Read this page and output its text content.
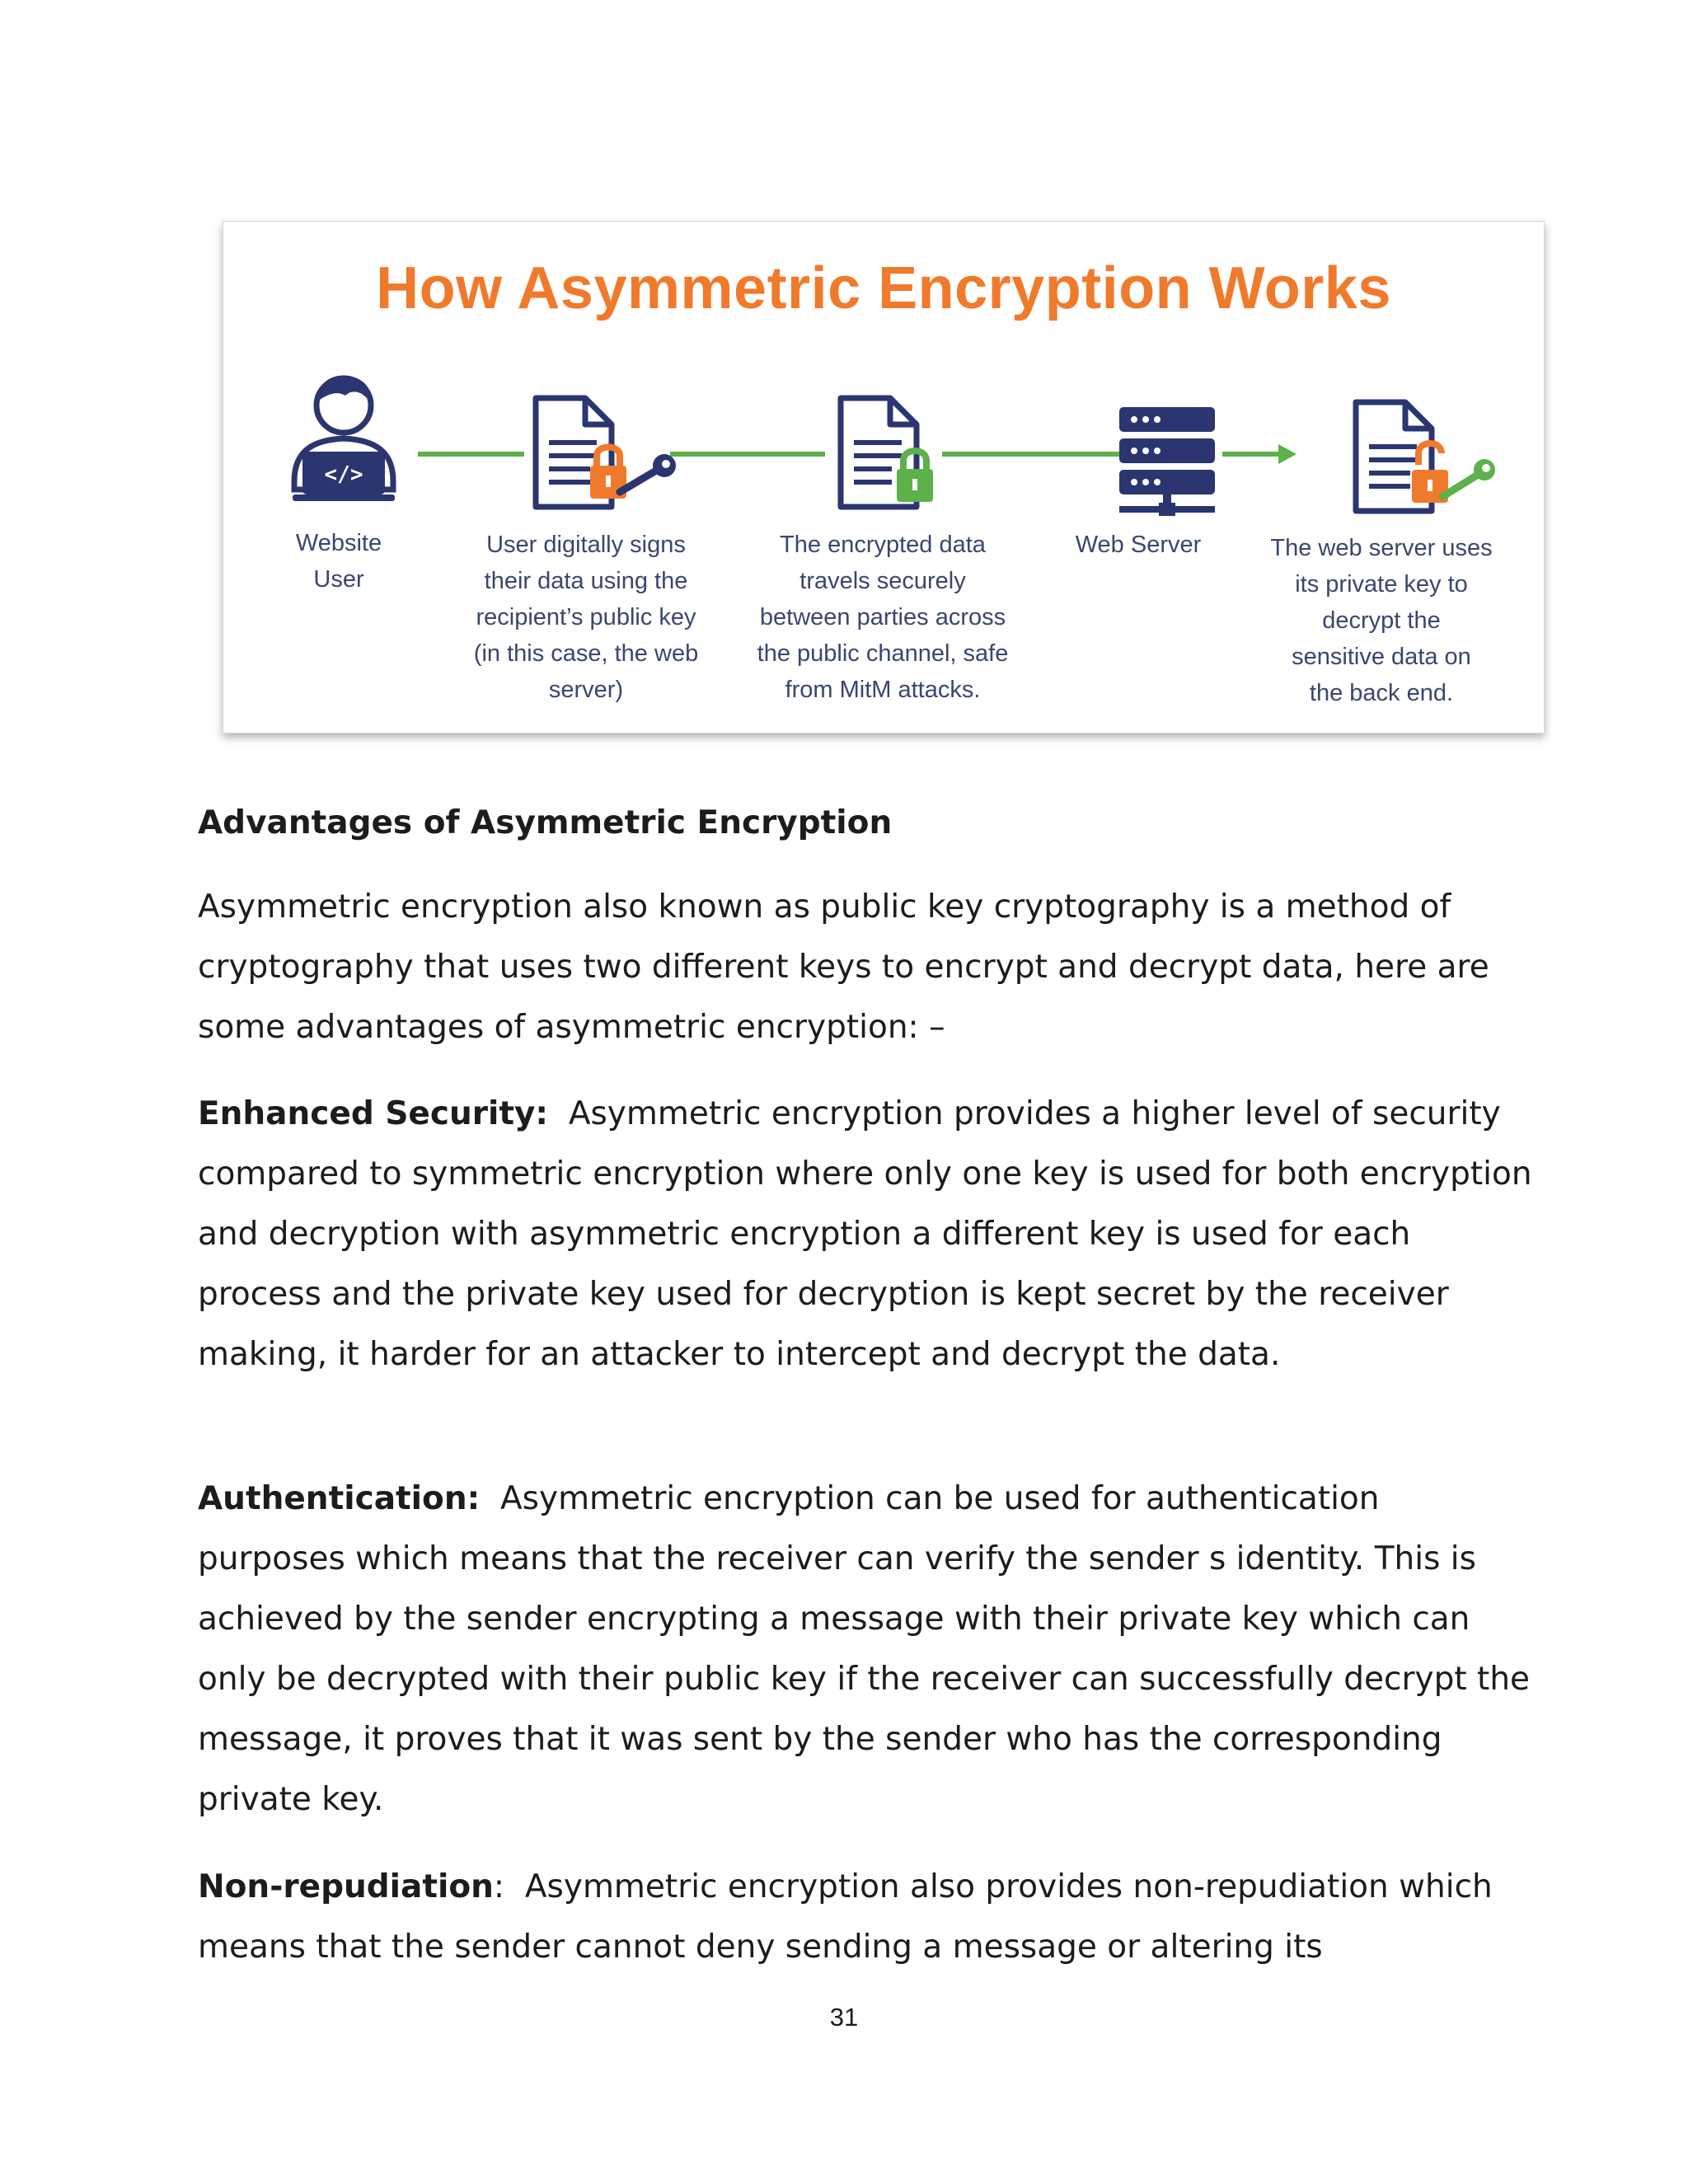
How Asymmetric Encryption Works
</>
Website
User
User digitally signs
their data using the
recipient’s public key
(in this case, the web
server)
The encrypted data
travels securely
between parties across
the public channel, safe
from MitM attacks.
Web Server	The web server uses
its private key to
decrypt the
sensitive data on
the back end.
Advantages of Asymmetric Encryption

Asymmetric encryption also known as public key cryptography is a method of cryptography that uses two different keys to encrypt and decrypt data, here are some advantages of asymmetric encryption: –

Enhanced Security: Asymmetric encryption provides a higher level of security compared to symmetric encryption where only one key is used for both encryption and decryption with asymmetric encryption a different key is used for each process and the private key used for decryption is kept secret by the receiver making, it harder for an attacker to intercept and decrypt the data.

Authentication: Asymmetric encryption can be used for authentication purposes which means that the receiver can verify the sender s identity. This is achieved by the sender encrypting a message with their private key which can only be decrypted with their public key if the receiver can successfully decrypt the message, it proves that it was sent by the sender who has the corresponding private key.

Non-repudiation: Asymmetric encryption also provides non-repudiation which means that the sender cannot deny sending a message or altering its

31
